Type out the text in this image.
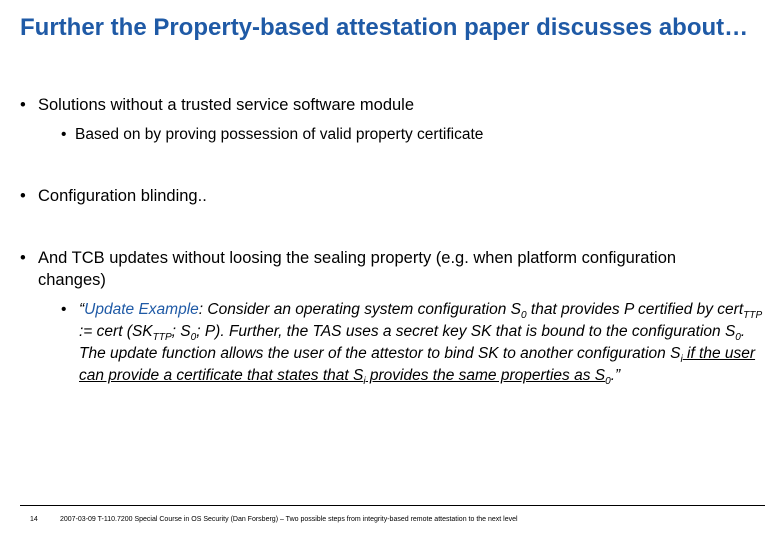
Further the Property-based attestation paper discusses about…
• Solutions without a trusted service software module
• Based on by proving possession of valid property certificate
• Configuration blinding..
• And TCB updates without loosing the sealing property (e.g. when platform configuration changes)
• “Update Example: Consider an operating system configuration $S_0$ that provides P certified by cert$_{TTP}$ := cert ($SK_{TTP}$; $S_0$; P). Further, the TAS uses a secret key SK that is bound to the configuration $S_0$. The update function allows the user of the attestor to bind SK to another configuration $S_i$ if the user can provide a certificate that states that $S_i$ provides the same properties as $S_0$.”
14	2007-03-09 T-110.7200 Special Course in OS Security (Dan Forsberg) – Two possible steps from integrity-based remote attestation to the next level
